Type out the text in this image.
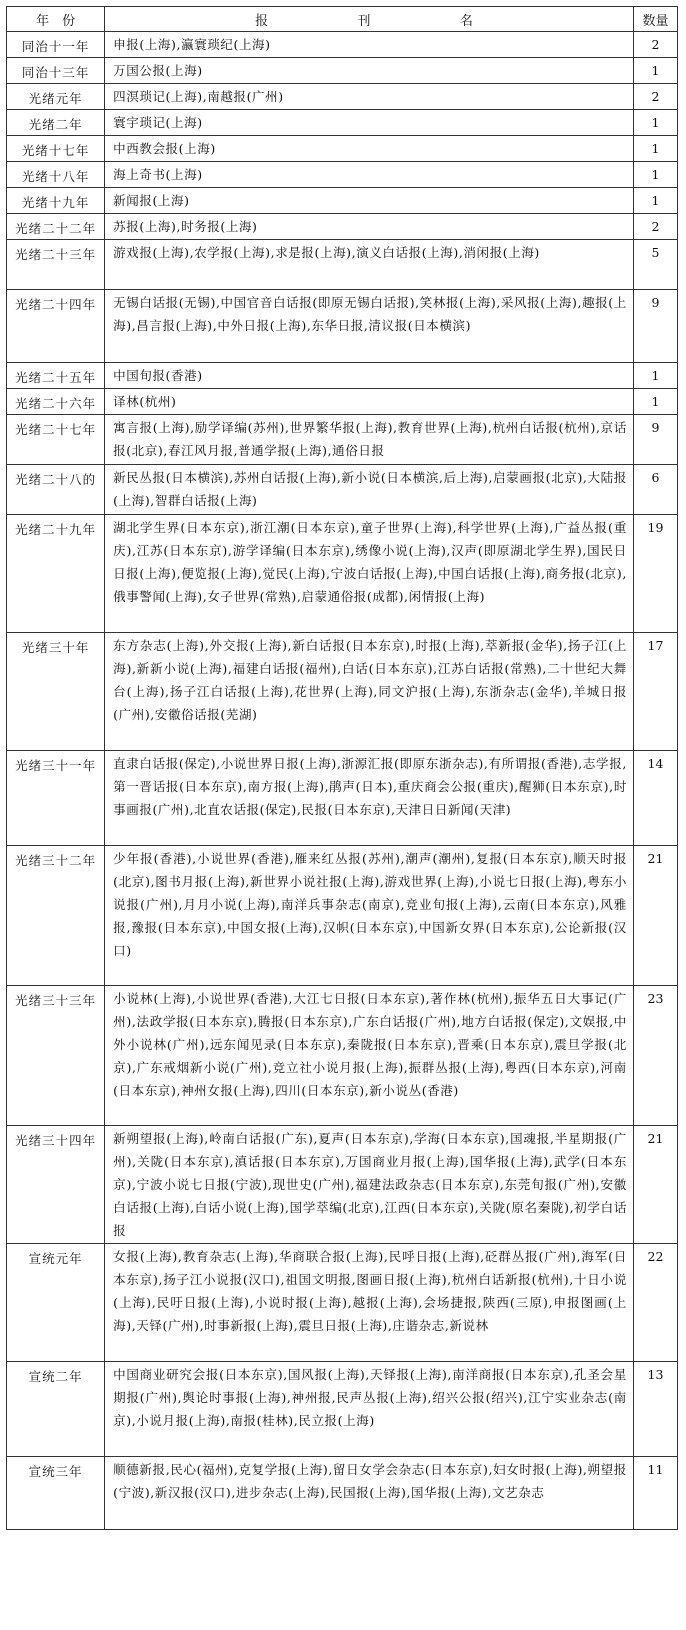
年　份	报 刊 名	数量
同治十一年	申报(上海),瀛寰琐纪(上海)	2
同治十三年	万国公报(上海)	1
光绪元年	四溟琐记(上海),南越报(广州)	2
光绪二年	寰宇琐记(上海)	1
光绪十七年	中西教会报(上海)	1
光绪十八年	海上奇书(上海)	1
光绪十九年	新闻报(上海)	1
光绪二十二年	苏报(上海),时务报(上海)	2
光绪二十三年	游戏报(上海),农学报(上海),求是报(上海),演义白话报(上海),消闲报(上海)	5
光绪二十四年	无锡白话报(无锡),中国官音白话报(即原无锡白话报),笑林报(上海),采风报(上海),趣报(上海),昌言报(上海),中外日报(上海),东华日报,清议报(日本横滨)	9
光绪二十五年	中国旬报(香港)	1
光绪二十六年	译林(杭州)	1
光绪二十七年	寓言报(上海),励学译编(苏州),世界繁华报(上海),教育世界(上海),杭州白话报(杭州),京话报(北京),春江风月报,普通学报(上海),通俗日报	9
光绪二十八的	新民丛报(日本横滨),苏州白话报(上海),新小说(日本横滨,后上海),启蒙画报(北京),大陆报(上海),智群白话报(上海)	6
光绪二十九年	湖北学生界(日本东京),浙江潮(日本东京),童子世界(上海),科学世界(上海),广益丛报(重庆),江苏(日本东京),游学译编(日本东京),绣像小说(上海),汉声(即原湖北学生界),国民日日报(上海),便览报(上海),觉民(上海),宁波白话报(上海),中国白话报(上海),商务报(北京),俄事警闻(上海),女子世界(常熟),启蒙通俗报(成都),闲情报(上海)	19
光绪三十年	东方杂志(上海),外交报(上海),新白话报(日本东京),时报(上海),萃新报(金华),扬子江(上海),新新小说(上海),福建白话报(福州),白话(日本东京),江苏白话报(常熟),二十世纪大舞台(上海),扬子江白话报(上海),花世界(上海),同文沪报(上海),东浙杂志(金华),羊城日报(广州),安徽俗话报(芜湖)	17
光绪三十一年	直隶白话报(保定),小说世界日报(上海),浙源汇报(即原东浙杂志),有所谓报(香港),志学报,第一晋话报(日本东京),南方报(上海),鹃声(日本),重庆商会公报(重庆),醒狮(日本东京),时事画报(广州),北直农话报(保定),民报(日本东京),天津日日新闻(天津)	14
光绪三十二年	少年报(香港),小说世界(香港),雁来红丛报(苏州),潮声(潮州),复报(日本东京),顺天时报(北京),图书月报(上海),新世界小说社报(上海),游戏世界(上海),小说七日报(上海),粤东小说报(广州),月月小说(上海),南洋兵事杂志(南京),竞业旬报(上海),云南(日本东京),风雅报,豫报(日本东京),中国女报(上海),汉帜(日本东京),中国新女界(日本东京),公论新报(汉口)	21
光绪三十三年	小说林(上海),小说世界(香港),大江七日报(日本东京),著作林(杭州),振华五日大事记(广州),法政学报(日本东京),腾报(日本东京),广东白话报(广州),地方白话报(保定),文娱报,中外小说林(广州),远东闻见录(日本东京),秦陇报(日本东京),晋乘(日本东京),震旦学报(北京),广东戒烟新小说(广州),竞立社小说月报(上海),振群丛报(上海),粤西(日本东京),河南(日本东京),神州女报(上海),四川(日本东京),新小说丛(香港)	23
光绪三十四年	新朔望报(上海),岭南白话报(广东),夏声(日本东京),学海(日本东京),国魂报,半星期报(广州),关陇(日本东京),滇话报(日本东京),万国商业月报(上海),国华报(上海),武学(日本东京),宁波小说七日报(宁波),现世史(广州),福建法政杂志(日本东京),东莞旬报(广州),安徽白话报(上海),白话小说(上海),国学萃编(北京),江西(日本东京),关陇(原名秦陇),初学白话报	21
宣统元年	女报(上海),教育杂志(上海),华商联合报(上海),民呼日报(上海),砭群丛报(广州),海军(日本东京),扬子江小说报(汉口),祖国文明报,图画日报(上海),杭州白话新报(杭州),十日小说(上海),民吁日报(上海),小说时报(上海),越报(上海),会场捷报,陕西(三原),申报图画(上海),天铎(广州),时事新报(上海),震旦日报(上海),庄谐杂志,新说林	22
宣统二年	中国商业研究会报(日本东京),国风报(上海),天铎报(上海),南洋商报(日本东京),孔圣会星期报(广州),舆论时事报(上海),神州报,民声丛报(上海),绍兴公报(绍兴),江宁实业杂志(南京),小说月报(上海),南报(桂林),民立报(上海)	13
宣统三年	顺德新报,民心(福州),克复学报(上海),留日女学会杂志(日本东京),妇女时报(上海),朔望报(宁波),新汉报(汉口),进步杂志(上海),民国报(上海),国华报(上海),文艺杂志	11
